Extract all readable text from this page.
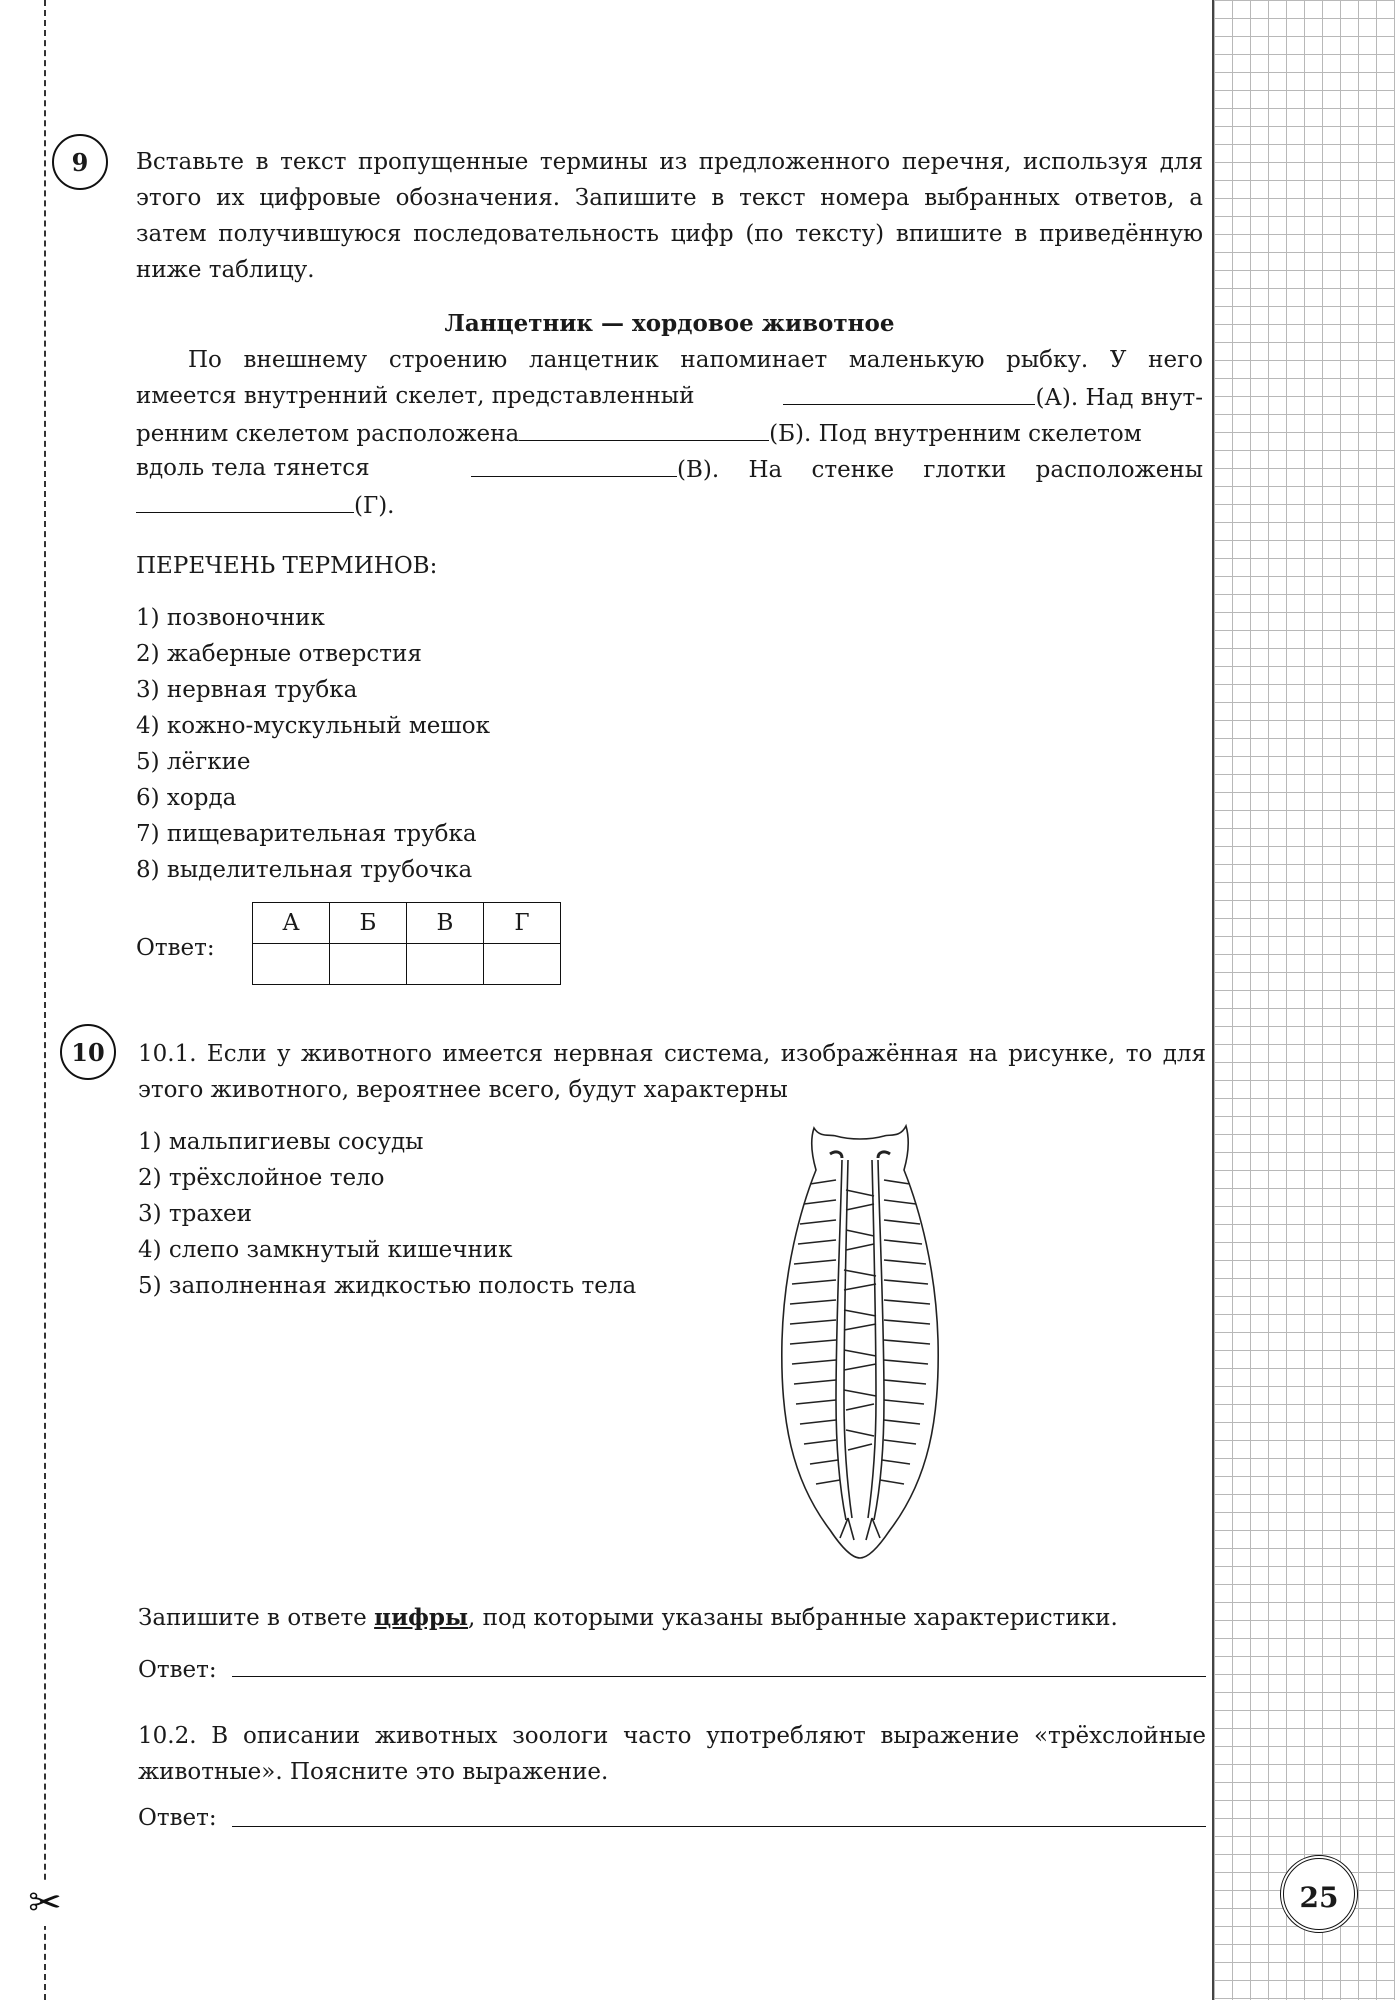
✂	25
9	Вставьте в текст пропущенные термины из предложенного перечня, используя для этого их цифровые обозначения. Запишите в текст номера выбранных ответов, а затем получившуюся последовательность цифр (по тексту) впишите в приведённую ниже таблицу.
Ланцетник — хордовое животное
По внешнему строению ланцетник напоминает маленькую рыбку. У него
имеется внутренний скелет, представленный	(А). Над внут-
ренним скелетом расположена	(Б). Под внутренним скелетом
вдоль тела тянется	(В). На стенке глотки расположены
(Г).
ПЕРЕЧЕНЬ ТЕРМИНОВ:
1) позвоночник
2) жаберные отверстия
3) нервная трубка
4) кожно-мускульный мешок
5) лёгкие
6) хорда
7) пищеварительная трубка
8) выделительная трубочка
Ответ:
А	Б	В	Г

10	10.1. Если у животного имеется нервная система, изображённая на рисунке, то для этого животного, вероятнее всего, будут характерны
1) мальпигиевы сосуды
2) трёхслойное тело
3) трахеи
4) слепо замкнутый кишечник
5) заполненная жидкостью полость тела
Запишите в ответе цифры, под которыми указаны выбранные характеристики.
Ответ:
10.2. В описании животных зоологи часто употребляют выражение «трёхслойные животные». Поясните это выражение.
Ответ:
